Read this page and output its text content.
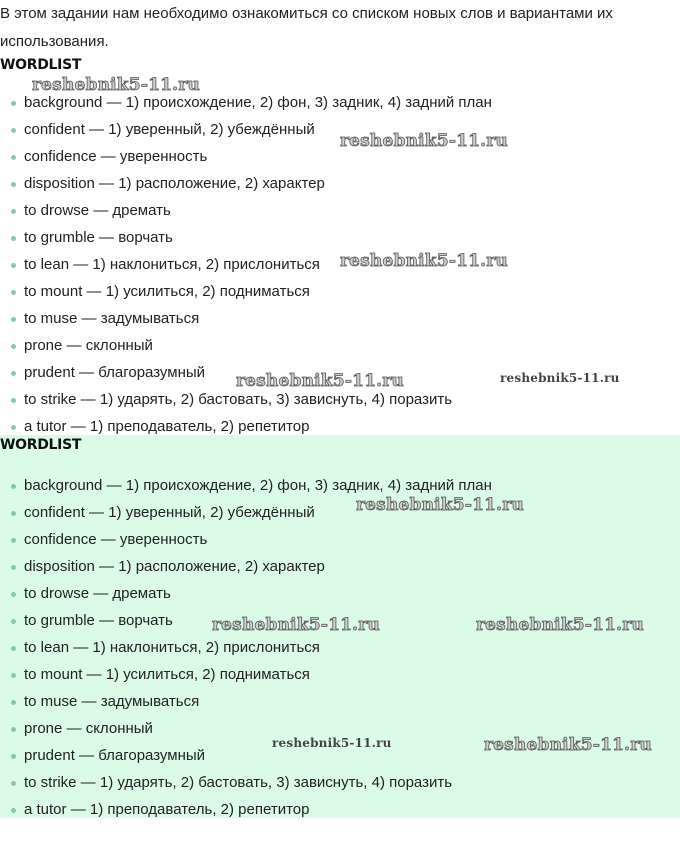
В этом задании нам необходимо ознакомиться со списком новых слов и вариантами их использования.
WORDLIST
background — 1) происхождение, 2) фон, 3) задник, 4) задний план
confident — 1) уверенный, 2) убеждённый
confidence — уверенность
disposition — 1) расположение, 2) характер
to drowse — дремать
to grumble — ворчать
to lean — 1) наклониться, 2) прислониться
to mount — 1) усилиться, 2) подниматься
to muse — задумываться
prone — склонный
prudent — благоразумный
to strike — 1) ударять, 2) бастовать, 3) зависнуть, 4) поразить
a tutor — 1) преподаватель, 2) репетитор
WORDLIST
background — 1) происхождение, 2) фон, 3) задник, 4) задний план
confident — 1) уверенный, 2) убеждённый
confidence — уверенность
disposition — 1) расположение, 2) характер
to drowse — дремать
to grumble — ворчать
to lean — 1) наклониться, 2) прислониться
to mount — 1) усилиться, 2) подниматься
to muse — задумываться
prone — склонный
prudent — благоразумный
to strike — 1) ударять, 2) бастовать, 3) зависнуть, 4) поразить
a tutor — 1) преподаватель, 2) репетитор
reshebnik5-11.ru
reshebnik5-11.ru
reshebnik5-11.ru
reshebnik5-11.ru	reshebnik5-11.ru
reshebnik5-11.ru
reshebnik5-11.ru	reshebnik5-11.ru
reshebnik5-11.ru	reshebnik5-11.ru
